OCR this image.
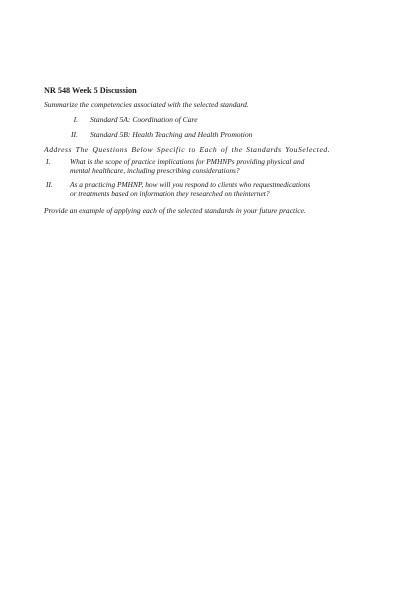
NR 548 Week 5 Discussion
Summarize the competencies associated with the selected standard.
I. Standard 5A: Coordination of Care
II. Standard 5B: Health Teaching and Health Promotion
Address The Questions Below Specific to Each of the Standards YouSelected.
I.	What is the scope of practice implications for PMHNPs providing physical and
mental healthcare, including prescribing considerations?
II.	As a practicing PMHNP, how will you respond to clients who requestmedications
or treatments based on information they researched on theinternet?
Provide an example of applying each of the selected standards in your future practice.
